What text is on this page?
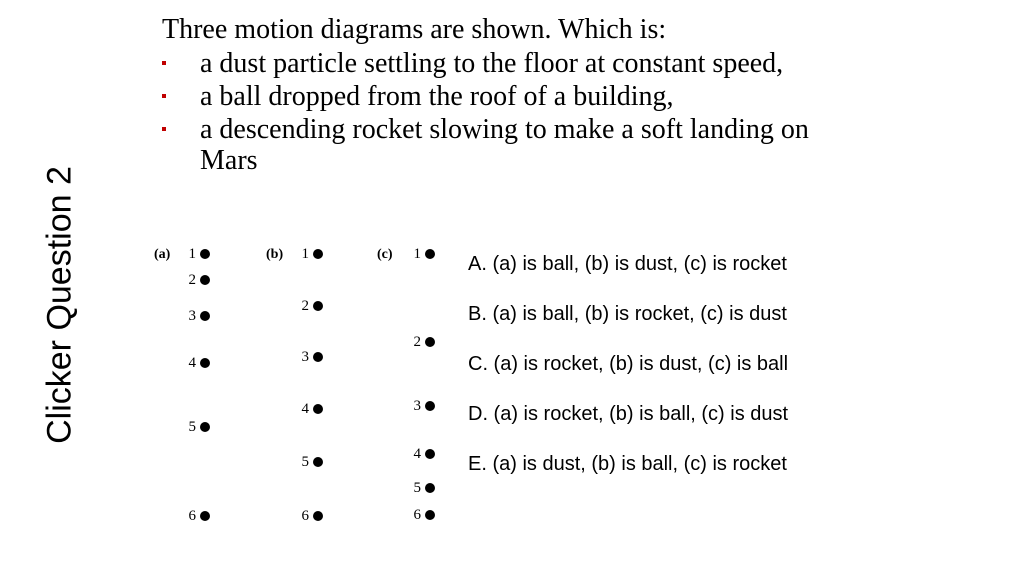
Clicker Question 2
Three motion diagrams are shown. Which is:
a dust particle settling to the floor at constant speed,
a ball dropped from the roof of a building,
a descending rocket slowing to make a soft landing on Mars
(a)	1
2
3
4
5
6
(b)	1
2
3
4
5
6
(c)	1
2
3
4
5
6
A. (a) is ball, (b) is dust, (c) is rocket
B. (a) is ball, (b) is rocket, (c) is dust
C. (a) is rocket, (b) is dust, (c) is ball
D. (a) is rocket, (b) is ball, (c) is dust
E. (a) is dust, (b) is ball, (c) is rocket
